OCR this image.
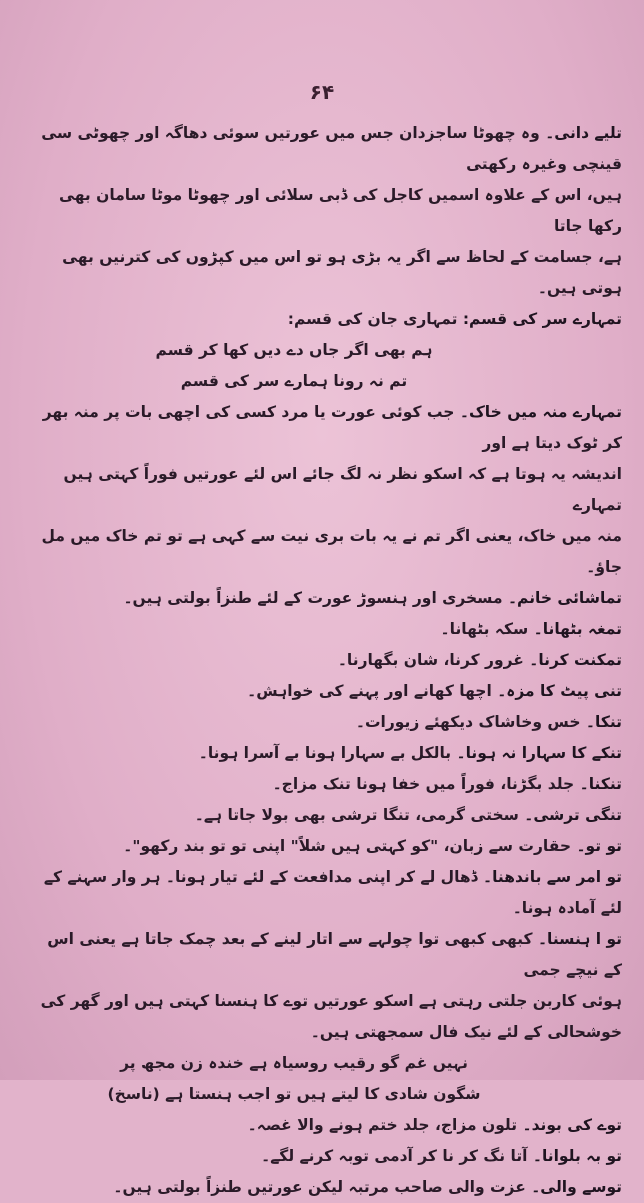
۶۴

تلیے دانی۔ وہ چھوٹا ساجزدان جس میں عورتیں سوئی دھاگہ اور چھوٹی سی قینچی وغیرہ رکھتی
ہیں، اس کے علاوہ اسمیں کاجل کی ڈبی سلائی اور چھوٹا موٹا سامان بھی رکھا جاتا
ہے، جسامت کے لحاظ سے اگر یہ بڑی ہو تو اس میں کپڑوں کی کترنیں بھی ہوتی ہیں۔

تمہارے سر کی قسم: تمہاری جان کی قسم:

ہم بھی اگر جاں دے دیں کھا کر قسم
تم نہ رونا ہمارے سر کی قسم

تمہارے منہ میں خاک۔ جب کوئی عورت یا مرد کسی کی اچھی بات پر منہ بھر کر ٹوک دیتا ہے اور
اندیشہ یہ ہوتا ہے کہ اسکو نظر نہ لگ جائے اس لئے عورتیں فوراً کہتی ہیں تمہارے
منہ میں خاک، یعنی اگر تم نے یہ بات بری نیت سے کہی ہے تو تم خاک میں مل جاؤ۔

تماشائی خانم۔ مسخری اور ہنسوڑ عورت کے لئے طنزاً بولتی ہیں۔

تمغہ بٹھانا۔ سکہ بٹھانا۔

تمکنت کرنا۔ غرور کرنا، شان بگھارنا۔

تنی پیٹ کا مزہ۔ اچھا کھانے اور پہنے کی خواہش۔

تنکا۔ خس وخاشاک دیکھئے زیورات۔

تنکے کا سہارا نہ ہونا۔ بالکل بے سہارا ہونا بے آسرا ہونا۔

تنکنا۔ جلد بگڑنا، فوراً میں خفا ہونا تنک مزاج۔

تنگی ترشی۔ سختی گرمی، تنگا ترشی بھی بولا جاتا ہے۔

تو تو۔ حقارت سے زبان، "کو کہتی ہیں شلاً" اپنی تو تو بند رکھو"۔

تو امر سے باندھنا۔ ڈھال لے کر اپنی مدافعت کے لئے تیار ہونا۔ ہر وار سہنے کے لئے آمادہ ہونا۔

تو ا ہنسنا۔ کبھی کبھی توا چولہے سے اتار لینے کے بعد چمک جاتا ہے یعنی اس کے نیچے جمی
ہوئی کاربن جلتی رہتی ہے اسکو عورتیں توے کا ہنسنا کہتی ہیں اور گھر کی
خوشحالی کے لئے نیک فال سمجھتی ہیں۔

نہیں غم گو رقیب روسیاہ ہے خندہ زن مجھ پر
شگون شادی کا لیتے ہیں تو اجب ہنستا ہے (ناسخ)

توے کی بوند۔ تلون مزاج، جلد ختم ہونے والا غصہ۔

تو بہ بلوانا۔ آتا نگ کر نا کر آدمی توبہ کرنے لگے۔

توسے والی۔ عزت والی صاحب مرتبہ لیکن عورتیں طنزاً بولتی ہیں۔
